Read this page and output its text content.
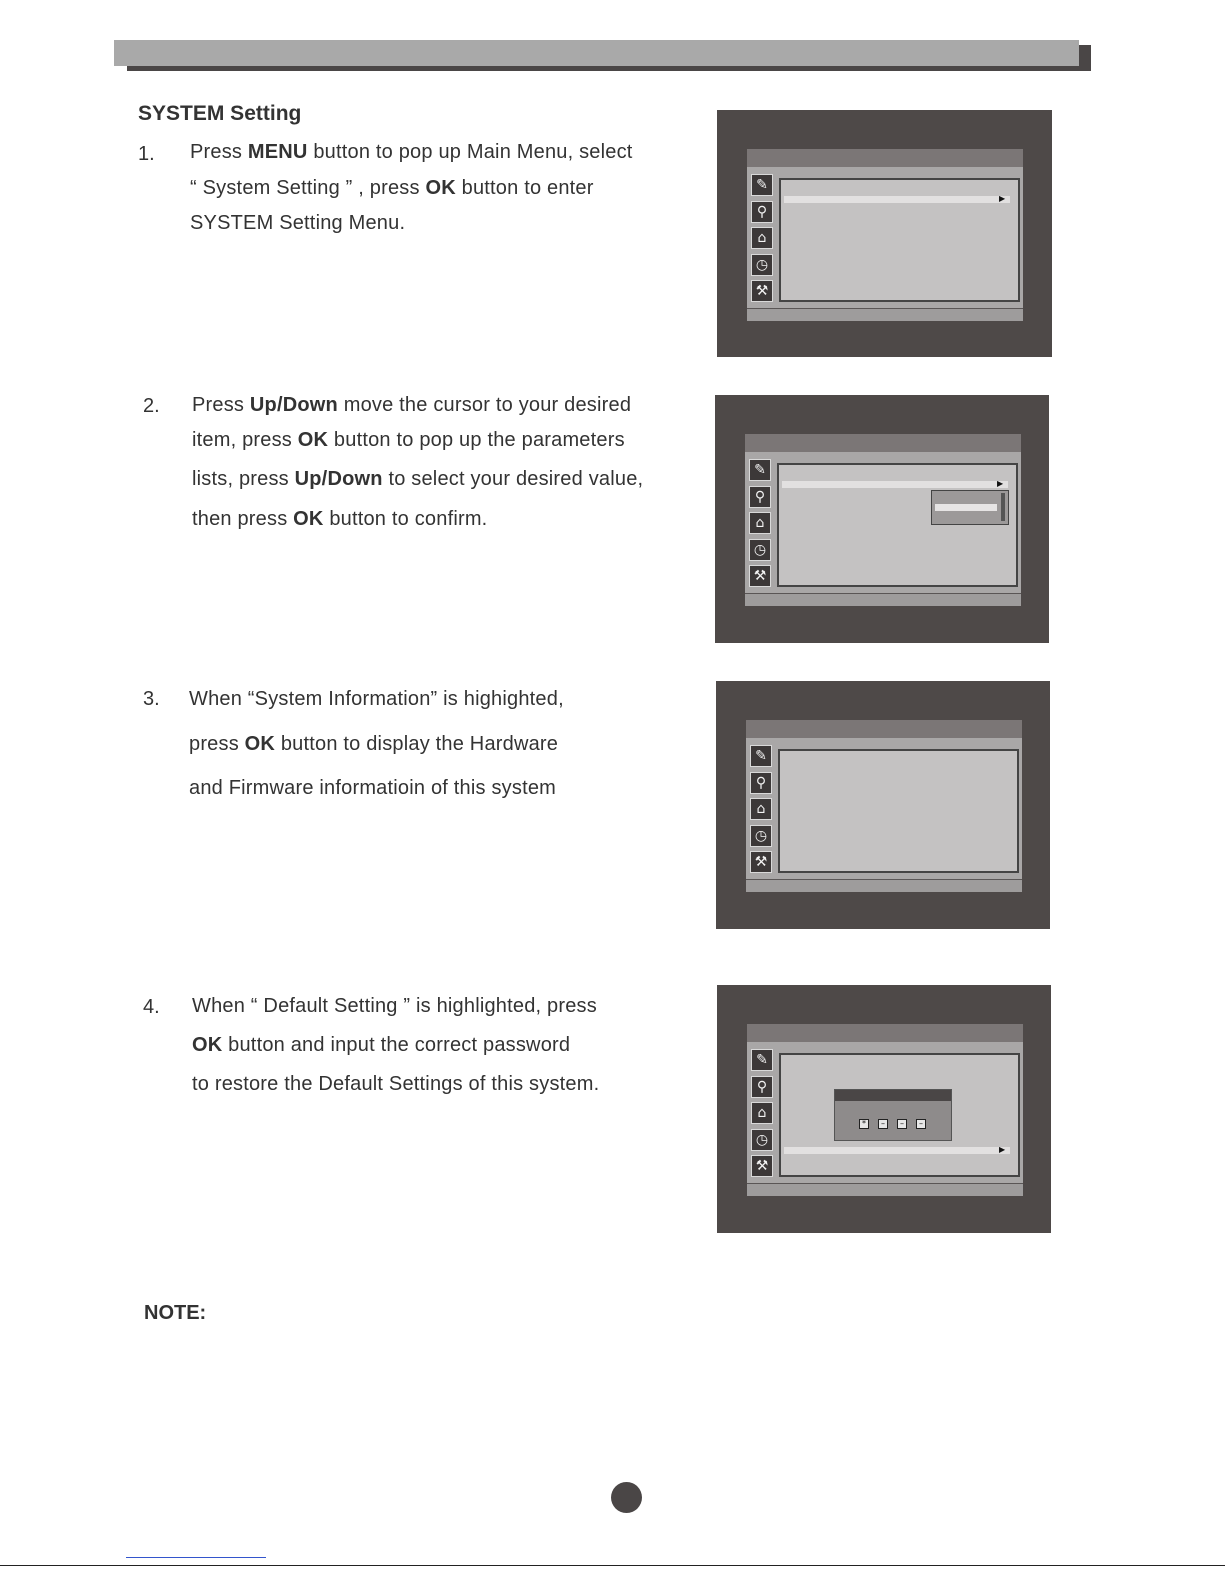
SYSTEM Setting
1. Press MENU button to pop up Main Menu, select
“ System Setting ” , press OK button to enter
SYSTEM Setting Menu.
2. Press Up/Down move the cursor to your desired
item, press OK button to pop up the parameters
lists, press Up/Down to select your desired value,
then press OK button to confirm.
3. When “System Information” is highighted,
press OK button to display the Hardware
and Firmware informatioin of this system
4. When “ Default Setting ” is highlighted, press
OK button and input the correct password
to restore the Default Settings of this system.
NOTE:
✎
⚲
⌂
◷
⚒
▶
✎
⚲
⌂
◷
⚒
▶
✎
⚲
⌂
◷
⚒
✎
⚲
⌂
◷
⚒
▶
*	–	–	–
